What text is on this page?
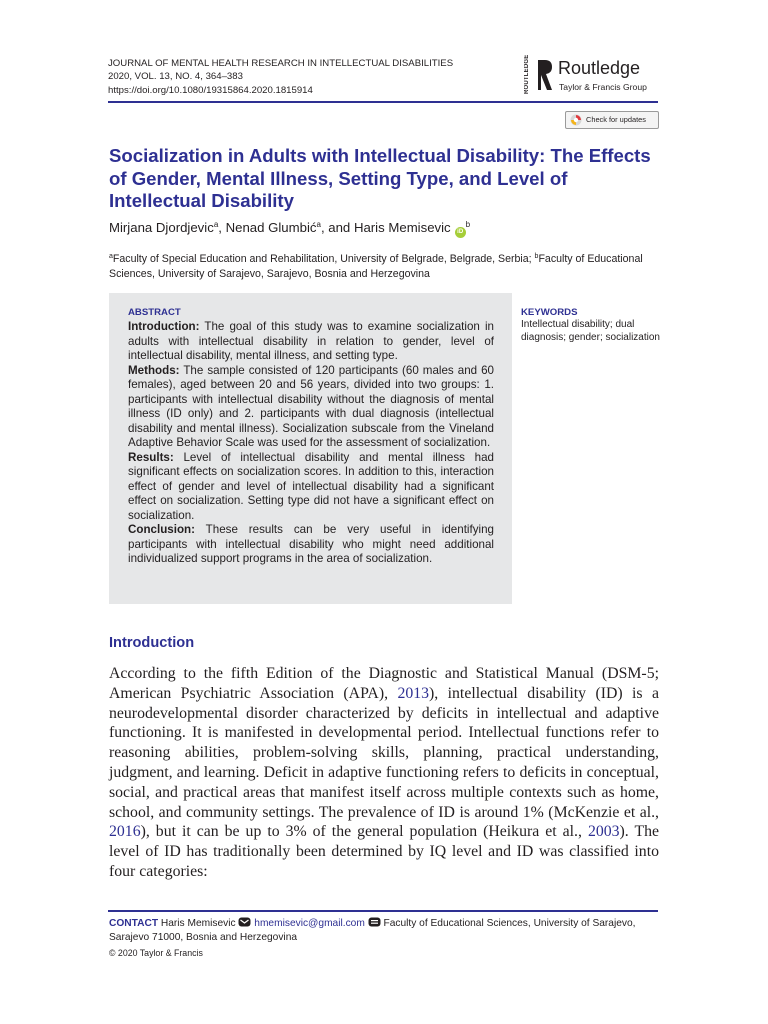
JOURNAL OF MENTAL HEALTH RESEARCH IN INTELLECTUAL DISABILITIES
2020, VOL. 13, NO. 4, 364–383
https://doi.org/10.1080/19315864.2020.1815914	ROUTLEDGE Routledge
Taylor & Francis Group
Check for updates
Socialization in Adults with Intellectual Disability: The Effects of Gender, Mental Illness, Setting Type, and Level of Intellectual Disability
Mirjana Djordjevic$^a$, Nenad Glumbić$^a$, and Haris Memisevic $iD^b$
$^a$Faculty of Special Education and Rehabilitation, University of Belgrade, Belgrade, Serbia; $^b$Faculty of Educational Sciences, University of Sarajevo, Sarajevo, Bosnia and Herzegovina
ABSTRACT

Introduction: The goal of this study was to examine socialization in adults with intellectual disability in relation to gender, level of intellectual disability, mental illness, and setting type.

Methods: The sample consisted of 120 participants (60 males and 60 females), aged between 20 and 56 years, divided into two groups: 1. participants with intellectual disability without the diagnosis of mental illness (ID only) and 2. participants with dual diagnosis (intellectual disability and mental illness). Socialization subscale from the Vineland Adaptive Behavior Scale was used for the assessment of socialization.

Results: Level of intellectual disability and mental illness had significant effects on socialization scores. In addition to this, interaction effect of gender and level of intellectual disability had a significant effect on socialization. Setting type did not have a significant effect on socialization.

Conclusion: These results can be very useful in identifying participants with intellectual disability who might need additional individualized support programs in the area of socialization.

KEYWORDS
Intellectual disability; dual diagnosis; gender; socialization
Introduction
According to the fifth Edition of the Diagnostic and Statistical Manual (DSM-5; American Psychiatric Association (APA), 2013), intellectual disability (ID) is a neurodevelopmental disorder characterized by deficits in intellectual and adaptive functioning. It is manifested in developmental period. Intellectual functions refer to reasoning abilities, problem-solving skills, planning, practical understanding, judgment, and learning. Deficit in adaptive functioning refers to deficits in conceptual, social, and practical areas that manifest itself across multiple contexts such as home, school, and community settings. The prevalence of ID is around 1% (McKenzie et al., 2016), but it can be up to 3% of the general population (Heikura et al., 2003). The level of ID has traditionally been determined by IQ level and ID was classified into four categories:
CONTACT Haris Memisevic  hmemisevic@gmail.com  Faculty of Educational Sciences, University of Sarajevo, Sarajevo 71000, Bosnia and Herzegovina
© 2020 Taylor & Francis
